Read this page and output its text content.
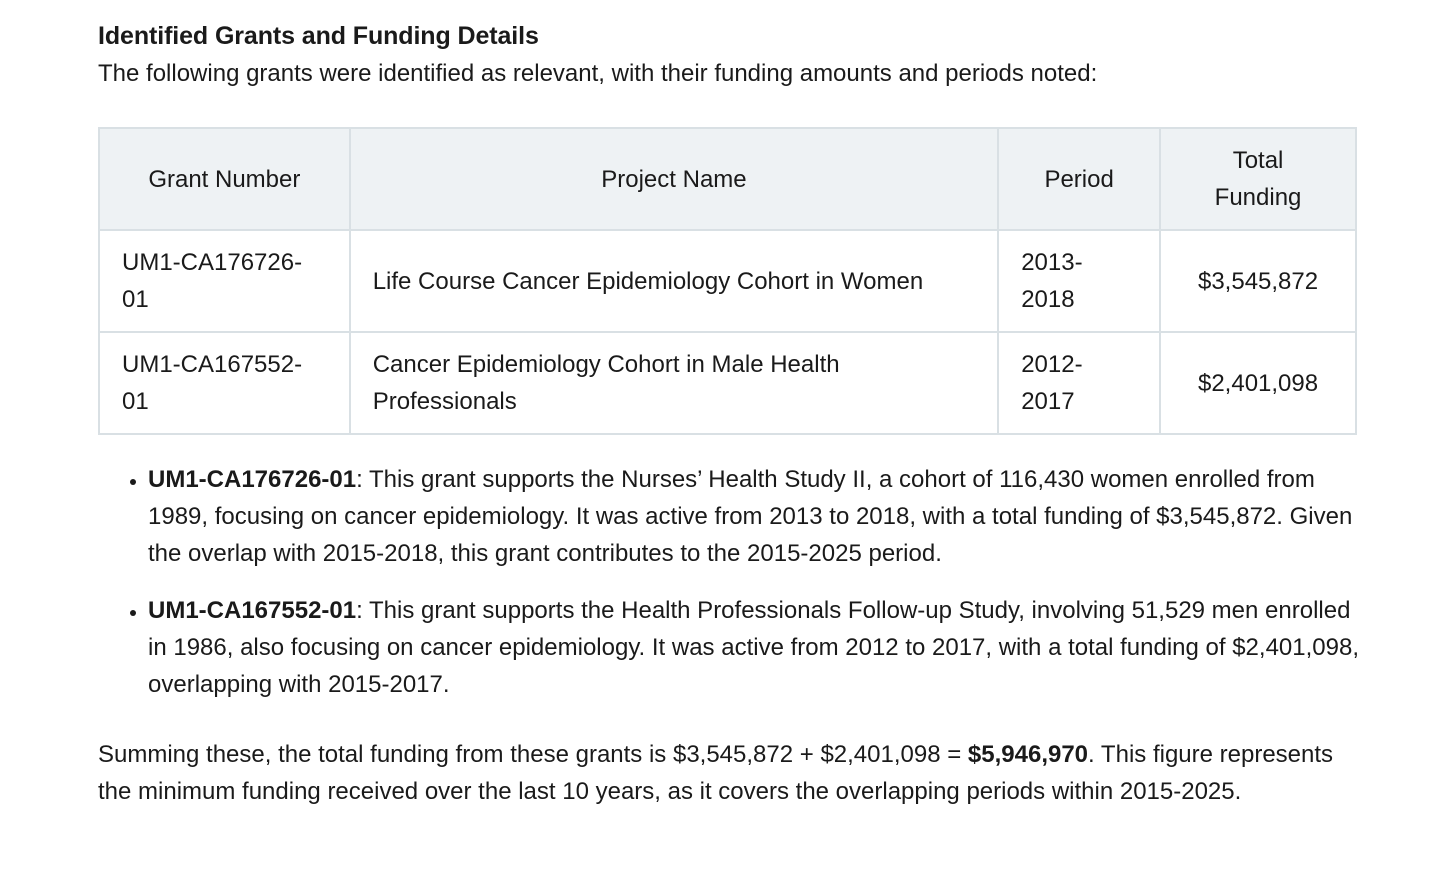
Identified Grants and Funding Details

The following grants were identified as relevant, with their funding amounts and periods noted:

Grant Number	Project Name	Period	Total Funding
UM1-CA176726-01	Life Course Cancer Epidemiology Cohort in Women	2013-2018	$3,545,872
UM1-CA167552-01	Cancer Epidemiology Cohort in Male Health Professionals	2012-2017	$2,401,098
• UM1-CA176726-01: This grant supports the Nurses’ Health Study II, a cohort of 116,430 women enrolled from 1989, focusing on cancer epidemiology. It was active from 2013 to 2018, with a total funding of $3,545,872. Given the overlap with 2015-2018, this grant contributes to the 2015-2025 period.
• UM1-CA167552-01: This grant supports the Health Professionals Follow-up Study, involving 51,529 men enrolled in 1986, also focusing on cancer epidemiology. It was active from 2012 to 2017, with a total funding of $2,401,098, overlapping with 2015-2017.

Summing these, the total funding from these grants is $3,545,872 + $2,401,098 = $5,946,970. This figure represents the minimum funding received over the last 10 years, as it covers the overlapping periods within 2015-2025.
